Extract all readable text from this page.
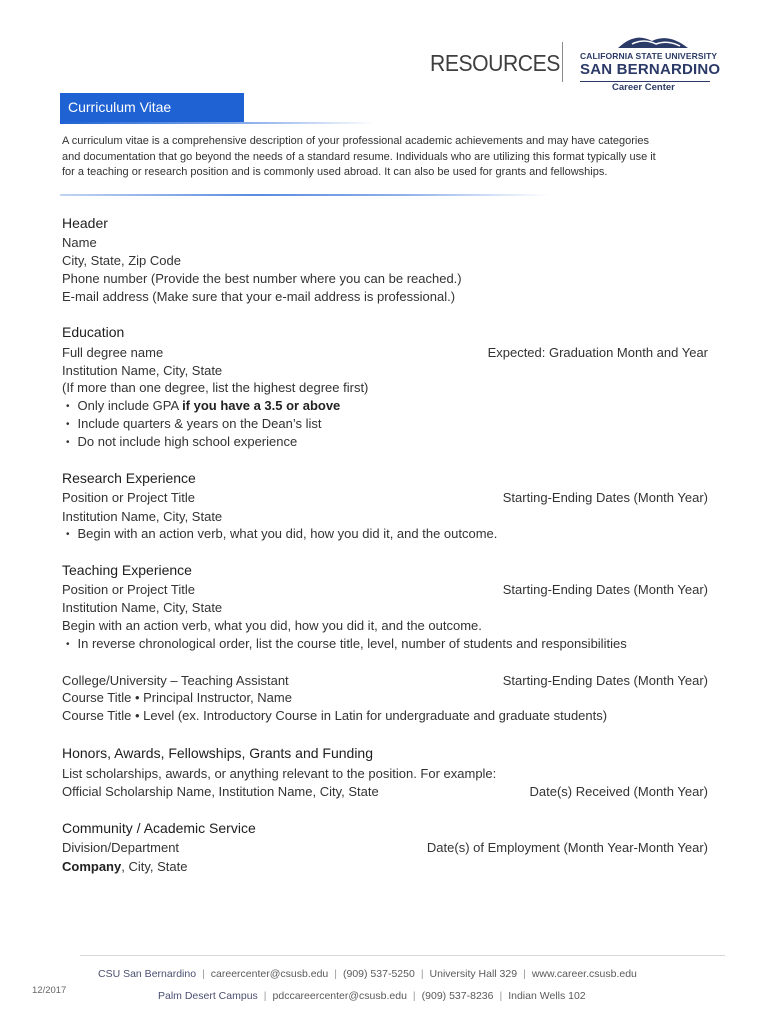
RESOURCES CALIFORNIA STATE UNIVERSITY
SAN BERNARDINO
Career Center
Curriculum Vitae
A curriculum vitae is a comprehensive description of your professional academic achievements and may have categories
and documentation that go beyond the needs of a standard resume. Individuals who are utilizing this format typically use it
for a teaching or research position and is commonly used abroad. It can also be used for grants and fellowships.
Header
Name
City, State, Zip Code
Phone number (Provide the best number where you can be reached.)
E-mail address (Make sure that your e-mail address is professional.)
Education
Full degree name	Expected: Graduation Month and Year
Institution Name, City, State
(If more than one degree, list the highest degree first)
• Only include GPA if you have a 3.5 or above
• Include quarters & years on the Dean’s list
• Do not include high school experience
Research Experience
Position or Project Title	Starting-Ending Dates (Month Year)
Institution Name, City, State
• Begin with an action verb, what you did, how you did it, and the outcome.
Teaching Experience
Position or Project Title	Starting-Ending Dates (Month Year)
Institution Name, City, State
Begin with an action verb, what you did, how you did it, and the outcome.
• In reverse chronological order, list the course title, level, number of students and responsibilities
College/University – Teaching Assistant	Starting-Ending Dates (Month Year)
Course Title • Principal Instructor, Name
Course Title • Level (ex. Introductory Course in Latin for undergraduate and graduate students)
Honors, Awards, Fellowships, Grants and Funding
List scholarships, awards, or anything relevant to the position. For example:
Official Scholarship Name, Institution Name, City, State	Date(s) Received (Month Year)
Community / Academic Service
Division/Department	Date(s) of Employment (Month Year-Month Year)
Company, City, State
CSU San Bernardino | careercenter@csusb.edu | (909) 537-5250 | University Hall 329 | www.career.csusb.edu
12/2017	Palm Desert Campus | pdccareercenter@csusb.edu | (909) 537-8236 | Indian Wells 102
